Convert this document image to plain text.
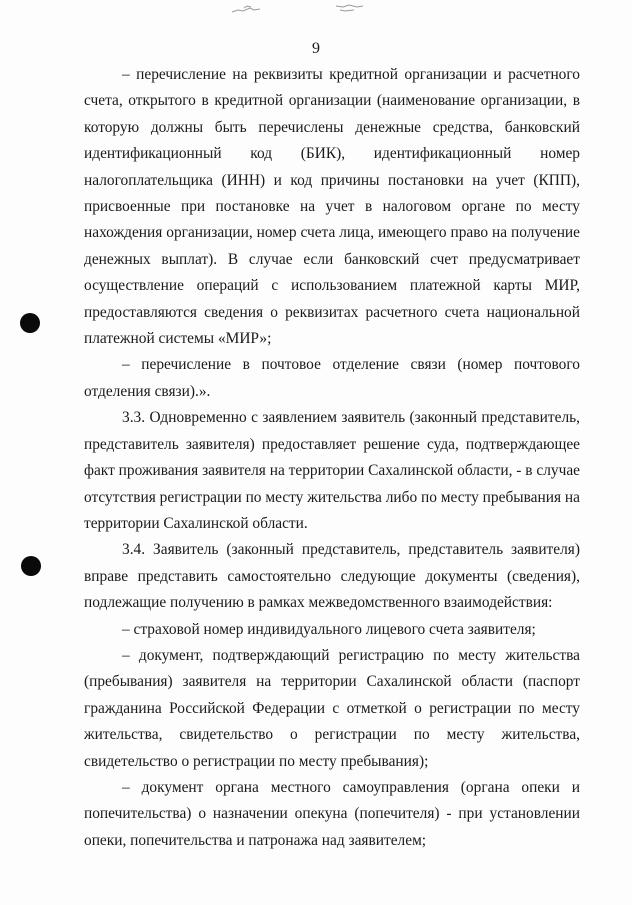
9

– перечисление на реквизиты кредитной организации и расчетного счета, открытого в кредитной организации (наименование организации, в которую должны быть перечислены денежные средства, банковский идентификационный код (БИК), идентификационный номер налогоплательщика (ИНН) и код причины постановки на учет (КПП), присвоенные при постановке на учет в налоговом органе по месту нахождения организации, номер счета лица, имеющего право на получение денежных выплат). В случае если банковский счет предусматривает осуществление операций с использованием платежной карты МИР, предоставляются сведения о реквизитах расчетного счета национальной платежной системы «МИР»;

– перечисление в почтовое отделение связи (номер почтового отделения связи).».

3.3. Одновременно с заявлением заявитель (законный представитель, представитель заявителя) предоставляет решение суда, подтверждающее факт проживания заявителя на территории Сахалинской области, - в случае отсутствия регистрации по месту жительства либо по месту пребывания на территории Сахалинской области.

3.4. Заявитель (законный представитель, представитель заявителя) вправе представить самостоятельно следующие документы (сведения), подлежащие получению в рамках межведомственного взаимодействия:

– страховой номер индивидуального лицевого счета заявителя;

– документ, подтверждающий регистрацию по месту жительства (пребывания) заявителя на территории Сахалинской области (паспорт гражданина Российской Федерации с отметкой о регистрации по месту жительства, свидетельство о регистрации по месту жительства, свидетельство о регистрации по месту пребывания);

– документ органа местного самоуправления (органа опеки и попечительства) о назначении опекуна (попечителя) - при установлении опеки, попечительства и патронажа над заявителем;
